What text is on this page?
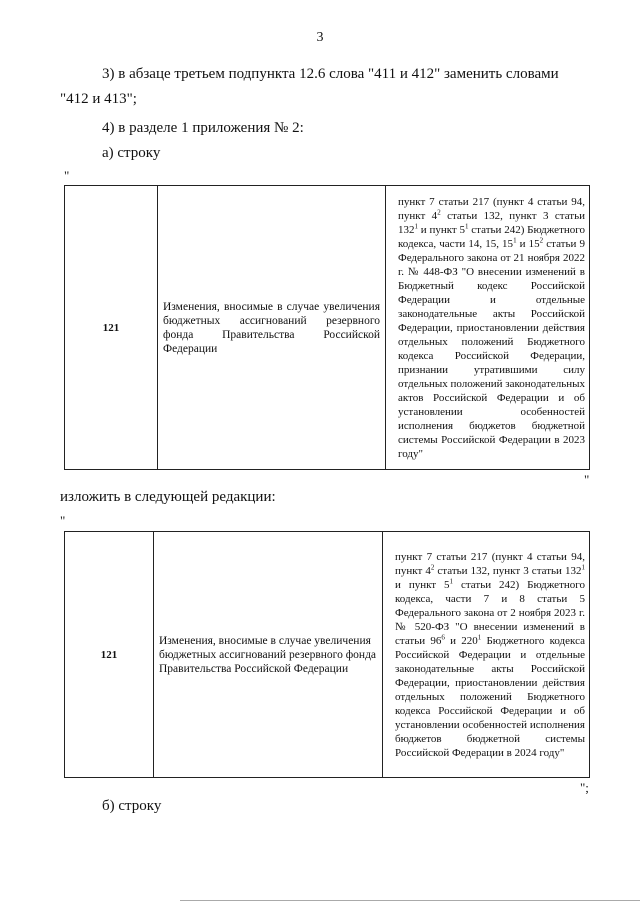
3
3) в абзаце третьем подпункта 12.6 слова "411 и 412" заменить словами
"412 и 413";
4) в разделе 1 приложения № 2:
а) строку
"
121	Изменения, вносимые в случае увеличения бюджетных ассигнований резервного фонда Правительства Российской Федерации	пункт 7 статьи 217 (пункт 4 статьи 94, пункт $4^2$ статьи 132, пункт 3 статьи $132^1$ и пункт $5^1$ статьи 242) Бюджетного кодекса, части 14, 15, $15^1$ и $15^2$ статьи 9 Федерального закона от 21 ноября 2022 г. № 448-ФЗ "О внесении изменений в Бюджетный кодекс Российской Федерации и отдельные законодательные акты Российской Федерации, приостановлении действия отдельных положений Бюджетного кодекса Российской Федерации, признании утратившими силу отдельных положений законодательных актов Российской Федерации и об установлении особенностей исполнения бюджетов бюджетной системы Российской Федерации в 2023 году"
"
изложить в следующей редакции:
"
121	Изменения, вносимые в случае увеличения бюджетных ассигнований резервного фонда Правительства Российской Федерации	пункт 7 статьи 217 (пункт 4 статьи 94, пункт $4^2$ статьи 132, пункт 3 статьи $132^1$ и пункт $5^1$ статьи 242) Бюджетного кодекса, части 7 и 8 статьи 5 Федерального закона от 2 ноября 2023 г. № 520-ФЗ "О внесении изменений в статьи $96^6$ и $220^1$ Бюджетного кодекса Российской Федерации и отдельные законодательные акты Российской Федерации, приостановлении действия отдельных положений Бюджетного кодекса Российской Федерации и об установлении особенностей исполнения бюджетов бюджетной системы Российской Федерации в 2024 году"
";
б) строку
